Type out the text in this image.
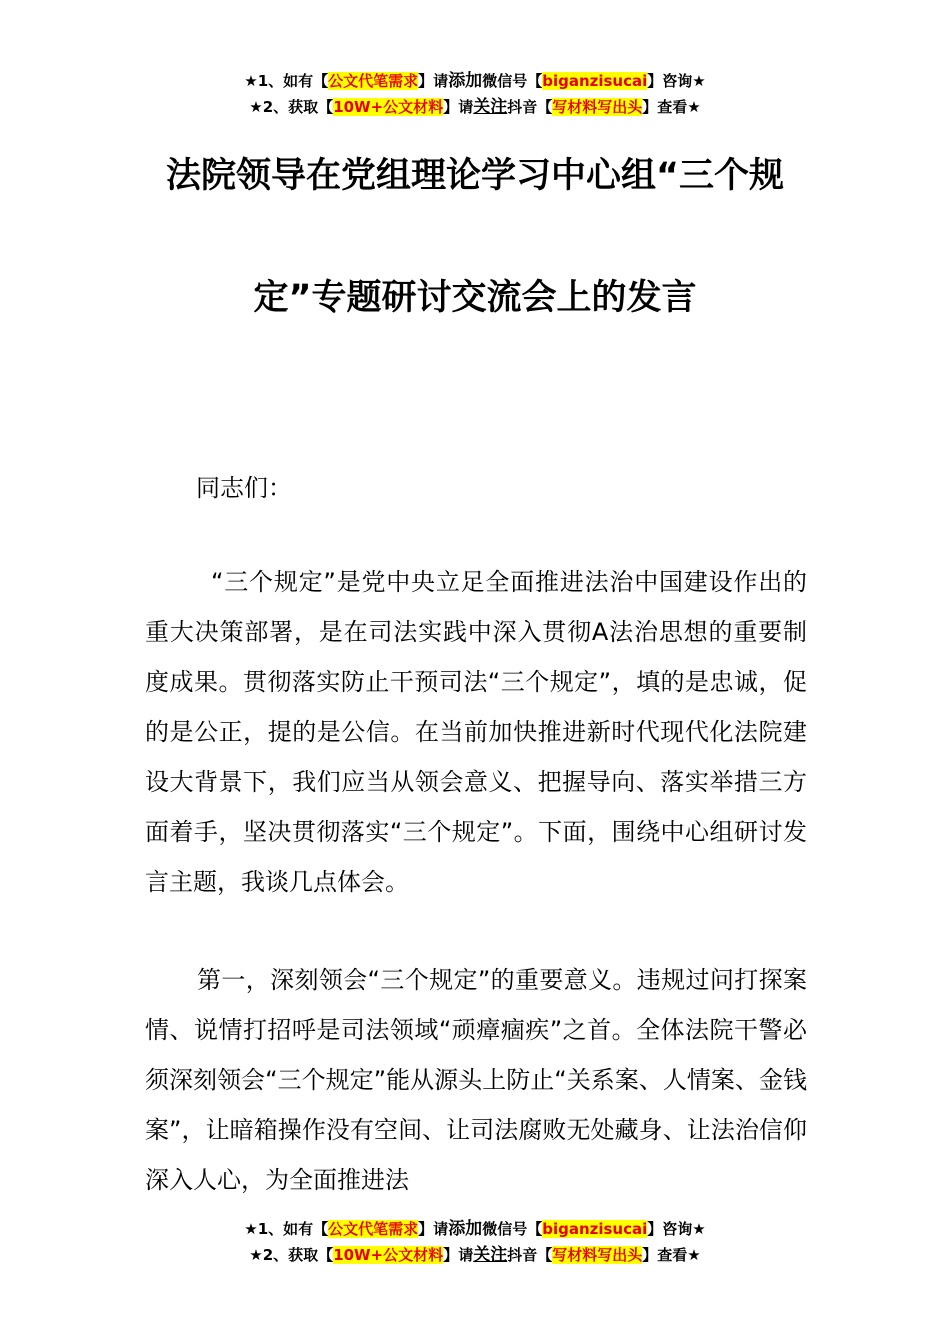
★1、如有【公文代笔需求】请添加微信号【biganzisucai】咨询★
★2、获取【10W+公文材料】请关注抖音【写材料写出头】查看★
法院领导在党组理论学习中心组“三个规
定”专题研讨交流会上的发言
同志们：

“三个规定”是党中央立足全面推进法治中国建设作出的重大决策部署，是在司法实践中深入贯彻A法治思想的重要制度成果。贯彻落实防止干预司法“三个规定”，填的是忠诚，促的是公正，提的是公信。在当前加快推进新时代现代化法院建设大背景下，我们应当从领会意义、把握导向、落实举措三方面着手，坚决贯彻落实“三个规定”。下面，围绕中心组研讨发言主题，我谈几点体会。

第一，深刻领会“三个规定”的重要意义。违规过问打探案情、说情打招呼是司法领域“顽瘴痼疾”之首。全体法院干警必须深刻领会“三个规定”能从源头上防止“关系案、人情案、金钱案”，让暗箱操作没有空间、让司法腐败无处藏身、让法治信仰深入人心，为全面推进法

★1、如有【公文代笔需求】请添加微信号【biganzisucai】咨询★
★2、获取【10W+公文材料】请关注抖音【写材料写出头】查看★
